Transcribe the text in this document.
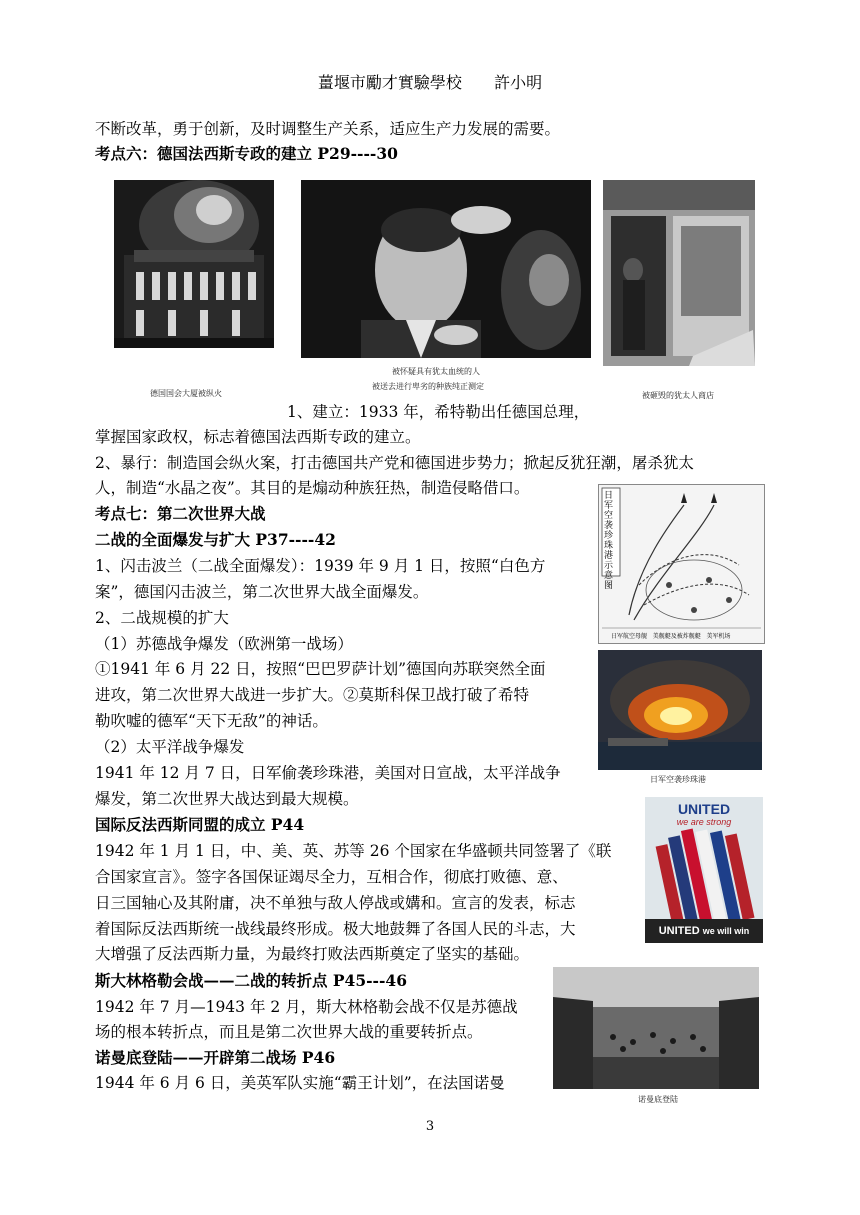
薑堰市勵才實驗學校 許小明
不断改革，勇于创新，及时调整生产关系，适应生产力发展的需要。
考点六：德国法西斯专政的建立 P29----30
德国国会大厦被纵火
被怀疑具有犹太血统的人
被送去进行卑劣的种族纯正测定
被砸毁的犹太人商店
1、建立：1933 年，希特勒出任德国总理，
掌握国家政权，标志着德国法西斯专政的建立。
2、暴行：制造国会纵火案，打击德国共产党和德国进步势力；掀起反犹狂潮，屠杀犹太
人，制造“水晶之夜”。其目的是煽动种族狂热，制造侵略借口。	日军空袭珍珠港示意图
日军航空母舰 美舰艇及被炸舰艇 美军机场
考点七：第二次世界大战
二战的全面爆发与扩大 P37----42
1、闪击波兰（二战全面爆发）：1939 年 9 月 1 日，按照“白色方
案”，德国闪击波兰，第二次世界大战全面爆发。
2、二战规模的扩大
（1）苏德战争爆发（欧洲第一战场）
①1941 年 6 月 22 日，按照“巴巴罗萨计划”德国向苏联突然全面
进攻，第二次世界大战进一步扩大。②莫斯科保卫战打破了希特
勒吹嘘的德军“天下无敌”的神话。
日军空袭珍珠港
（2）太平洋战争爆发
1941 年 12 月 7 日，日军偷袭珍珠港，美国对日宣战，太平洋战争
爆发，第二次世界大战达到最大规模。
UNITED
we are strong
UNITED we will win
国际反法西斯同盟的成立 P44
1942 年 1 月 1 日，中、美、英、苏等 26 个国家在华盛顿共同签署了《联
合国家宣言》。签字各国保证竭尽全力，互相合作，彻底打败德、意、
日三国轴心及其附庸，决不单独与敌人停战或媾和。宣言的发表，标志
着国际反法西斯统一战线最终形成。极大地鼓舞了各国人民的斗志，大
大增强了反法西斯力量，为最终打败法西斯奠定了坚实的基础。
诺曼底登陆
斯大林格勒会战——二战的转折点 P45---46
1942 年 7 月—1943 年 2 月，斯大林格勒会战不仅是苏德战
场的根本转折点，而且是第二次世界大战的重要转折点。
诺曼底登陆——开辟第二战场 P46
1944 年 6 月 6 日，美英军队实施“霸王计划”，在法国诺曼
3
